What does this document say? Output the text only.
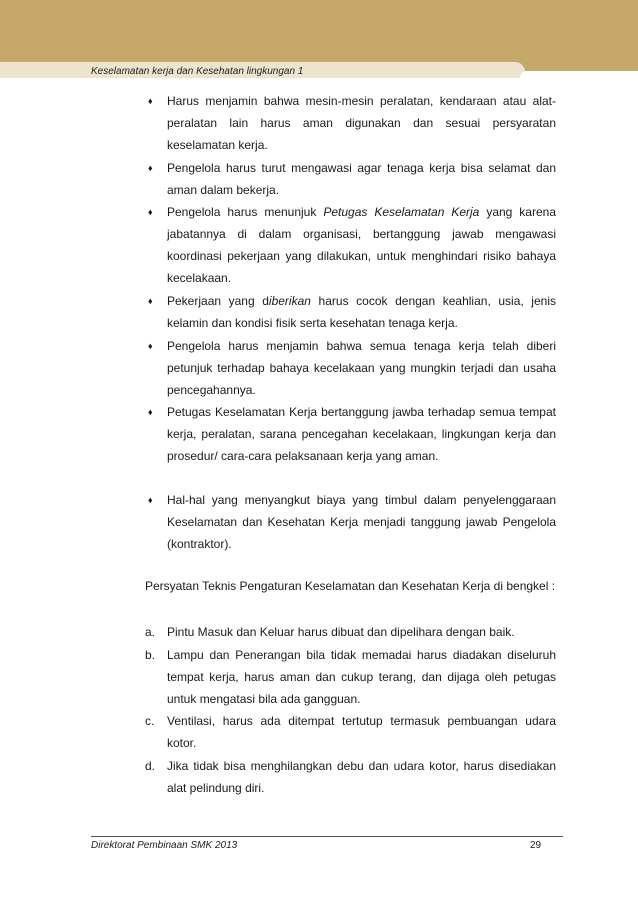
Keselamatan kerja dan Kesehatan lingkungan 1
♦ Harus menjamin bahwa mesin-mesin peralatan, kendaraan atau alat-peralatan lain harus aman digunakan dan sesuai persyaratan keselamatan kerja.
♦ Pengelola harus turut mengawasi agar tenaga kerja bisa selamat dan aman dalam bekerja.
♦ Pengelola harus menunjuk Petugas Keselamatan Kerja yang karena jabatannya di dalam organisasi, bertanggung jawab mengawasi koordinasi pekerjaan yang dilakukan, untuk menghindari risiko bahaya kecelakaan.
♦ Pekerjaan yang diberikan harus cocok dengan keahlian, usia, jenis kelamin dan kondisi fisik serta kesehatan tenaga kerja.
♦ Pengelola harus menjamin bahwa semua tenaga kerja telah diberi petunjuk terhadap bahaya kecelakaan yang mungkin terjadi dan usaha pencegahannya.
♦ Petugas Keselamatan Kerja bertanggung jawba terhadap semua tempat kerja, peralatan, sarana pencegahan kecelakaan, lingkungan kerja dan prosedur/ cara-cara pelaksanaan kerja yang aman.
♦ Hal-hal yang menyangkut biaya yang timbul dalam penyelenggaraan Keselamatan dan Kesehatan Kerja menjadi tanggung jawab Pengelola (kontraktor).
Persyatan Teknis Pengaturan Keselamatan dan Kesehatan Kerja di bengkel :
a. Pintu Masuk dan Keluar harus dibuat dan dipelihara dengan baik.
b. Lampu dan Penerangan bila tidak memadai harus diadakan diseluruh tempat kerja, harus aman dan cukup terang, dan dijaga oleh petugas untuk mengatasi bila ada gangguan.
c. Ventilasi, harus ada ditempat tertutup termasuk pembuangan udara kotor.
d. Jika tidak bisa menghilangkan debu dan udara kotor, harus disediakan alat pelindung diri.
Direktorat Pembinaan SMK 2013	29
